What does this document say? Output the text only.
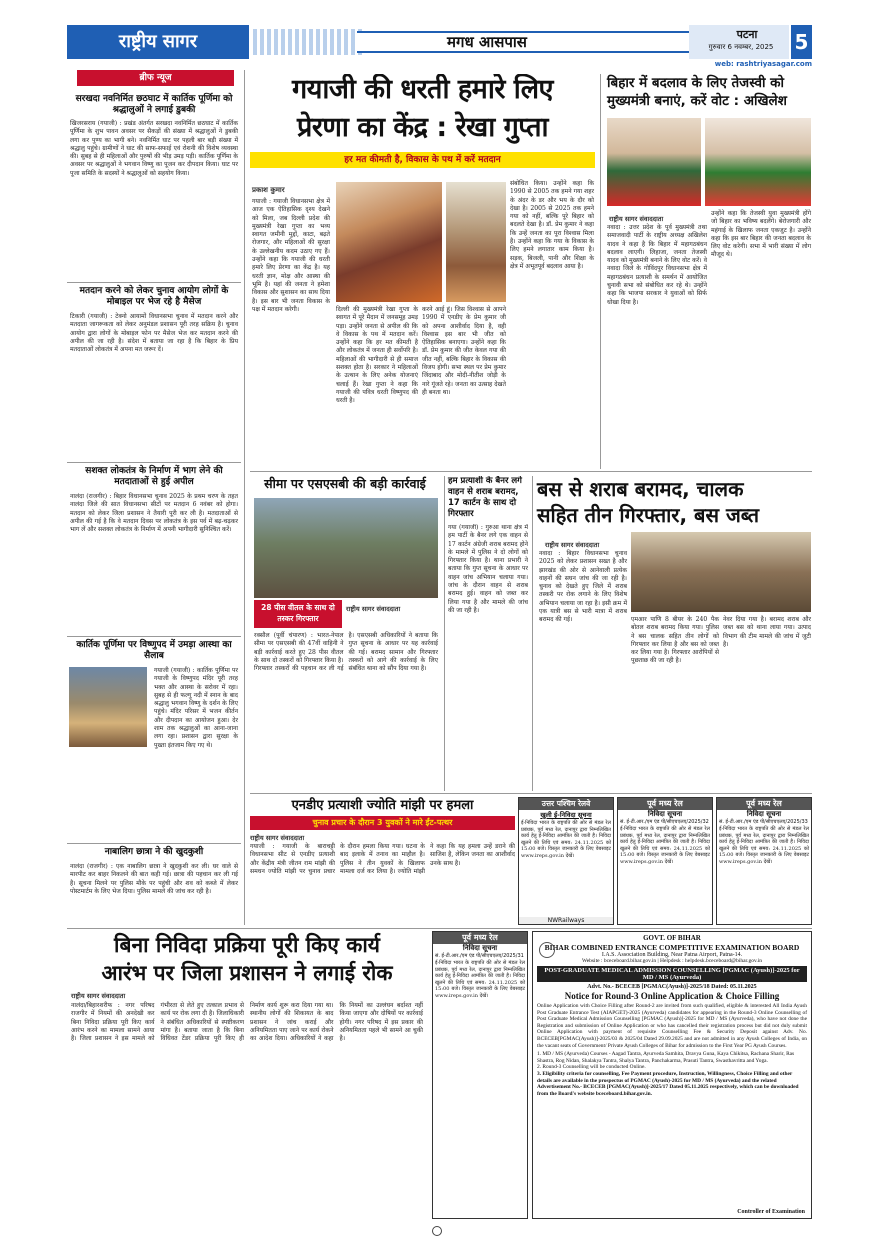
राष्ट्रीय सागर	मगध आसपास	पटना
गुरुवार 6 नवम्बर, 2025	5
web: rashtriyasagar.com
ब्रीफ न्यूज
सरखदा नवनिर्मित छठघाट में कार्तिक पूर्णिमा को श्रद्धालुओं ने लगाई डुबकी
खिजरसराय (गयाजी) : प्रखंड अंतर्गत सरखदा नवनिर्मित छठघाट में कार्तिक पूर्णिमा के शुभ पावन अवसर पर सैकड़ों की संख्या में श्रद्धालुओं ने डुबकी लगा कर पुण्य का भागी बने। नवनिर्मित घाट पर पहली बार बड़ी संख्या में श्रद्धालु पहुंचे। ग्रामीणों ने घाट की साफ-सफाई एवं रोशनी की विशेष व्यवस्था की। सुबह से ही महिलाओं और पुरुषों की भीड़ उमड़ पड़ी। कार्तिक पूर्णिमा के अवसर पर श्रद्धालुओं ने भगवान विष्णु का पूजन कर दीपदान किया। घाट पर पूजा समिति के सदस्यों ने श्रद्धालुओं को सहयोग किया।
मतदान करने को लेकर चुनाव आयोग लोगों के मोबाइल पर भेज रहे है मैसेज
टिकारी (गयाजी) : टेक्नो आयामों विधानसभा चुनाव में मतदान करने और मतदाता जागरूकता को लेकर अनुमंडल प्रशासन पूरी तरह सक्रिय है। चुनाव आयोग द्वारा लोगों के मोबाइल फोन पर मैसेज भेज कर मतदान करने की अपील की जा रही है। संदेश में बताया जा रहा है कि बिहार के प्रिय मतदाताओं लोकतंत्र में अपना मत जरूर दें।
सशक्त लोकतंत्र के निर्माण में भाग लेने की मतदाताओं से हुई अपील
नालंदा (राजगीर) : बिहार विधानसभा चुनाव 2025 के प्रथम चरण के तहत नालंदा जिले की सात विधानसभा सीटों पर मतदान 6 नवंबर को होगा। मतदान को लेकर जिला प्रशासन ने तैयारी पूरी कर ली है। मतदाताओं से अपील की गई है कि वे मतदान दिवस पर लोकतंत्र के इस पर्व में बढ़-चढ़कर भाग लें और सशक्त लोकतंत्र के निर्माण में अपनी भागीदारी सुनिश्चित करें।
कार्तिक पूर्णिमा पर विष्णुपद में उमड़ा आस्था का सैलाब
गयाजी (गयाजी) : कार्तिक पूर्णिमा पर गयाजी के विष्णुपद मंदिर पूरी तरह भक्त और आस्था के सरोवर में रहा। सुबह से ही फल्गु नदी में स्नान के बाद श्रद्धालु भगवान विष्णु के दर्शन के लिए पहुंचे। मंदिर परिसर में भजन कीर्तन और दीपदान का आयोजन हुआ। देर शाम तक श्रद्धालुओं का आना-जाना लगा रहा। प्रशासन द्वारा सुरक्षा के पुख्ता इंतजाम किए गए थे।
नाबालिग छात्रा ने की खुदकुशी
नालंदा (राजगीर) : एक नाबालिग छात्रा ने खुदकुशी कर ली। घर वाले से मारपीट कर बाहर निकलने की बात कही गई। छात्रा की पहचान कर ली गई है। सूचना मिलने पर पुलिस मौके पर पहुंची और शव को कब्जे में लेकर पोस्टमार्टम के लिए भेज दिया। पुलिस मामले की जांच कर रही है।
गयाजी की धरती हमारे लिए
प्रेरणा का केंद्र : रेखा गुप्ता
हर मत कीमती है, विकास के पथ में करें मतदान
प्रकाश कुमार
गयाजी : गयाजी विधानसभा क्षेत्र में आज एक ऐतिहासिक दृश्य देखने को मिला, जब दिल्ली प्रदेश की मुख्यमंत्री रेखा गुप्ता का भव्य स्वागत जमीनी मुद्दों, काटा, बढ़ते रोजगार, और महिलाओं की सुरक्षा के उल्लेखनीय कदम उठाए गए हैं। उन्होंने कहा कि गयाजी की धरती हमारे लिए प्रेरणा का केंद्र है। यह धरती ज्ञान, मोक्ष और आस्था की भूमि है। यहां की जनता ने हमेशा विकास और सुशासन का साथ दिया है। इस बार भी जनता विकास के पक्ष में मतदान करेगी।	दिल्ली की मुख्यमंत्री रेखा गुप्ता के स्वागत में पूरे मैदान में जनसमूह उमड़ पड़ा। उन्होंने जनता से अपील की कि वे विकास के पथ में मतदान करें। उन्होंने कहा कि हर मत कीमती है और लोकतंत्र में जनता ही सर्वोपरि है। महिलाओं की भागीदारी से ही समाज सशक्त होता है। सरकार ने महिलाओं के उत्थान के लिए अनेक योजनाएं चलाई हैं। रेखा गुप्ता ने कहा कि गयाजी की पवित्र धरती विष्णुपद की धरती है।
करने आई हूं। जिस विश्वास से आपने 1990 में एनडीए के प्रेम कुमार जी को अपना आशीर्वाद दिया है, वही विश्वास इस बार भी जीत को ऐतिहासिक बनाएगा। उन्होंने कहा कि डॉ. प्रेम कुमार की जीत केवल गया की जीत नहीं, बल्कि बिहार के विकास की विजय होगी। सभा स्थल पर प्रेम कुमार जिंदाबाद और मोदी-नीतीश जोड़ी के नारे गूंजते रहे। जनता का उत्साह देखते ही बनता था।
संबोधित किया। उन्होंने कहा कि 1990 से 2005 तक हमने गया शहर के अंदर के डर और भय के दौर को देखा है। 2005 से 2025 तक हमने गया को नहीं, बल्कि पूरे बिहार को बदलते देखा है। डॉ. प्रेम कुमार ने कहा कि उन्हें जनता का पूरा विश्वास मिला है। उन्होंने कहा कि गया के विकास के लिए हमने लगातार काम किया है। सड़क, बिजली, पानी और शिक्षा के क्षेत्र में अभूतपूर्व बदलाव आया है।
बिहार में बदलाव के लिए तेजस्वी को मुख्यमंत्री बनाएं, करें वोट : अखिलेश
राष्ट्रीय सागर संवाददाता
नवादा : उत्तर प्रदेश के पूर्व मुख्यमंत्री तथा समाजवादी पार्टी के राष्ट्रीय अध्यक्ष अखिलेश यादव ने कहा है कि बिहार में महागठबंधन बदलाव लाएगी। लिहाजा, जनता तेजस्वी यादव को मुख्यमंत्री बनाने के लिए वोट करें। वे नवादा जिले के गोविंदपुर विधानसभा क्षेत्र में महागठबंधन प्रत्याशी के समर्थन में आयोजित चुनावी सभा को संबोधित कर रहे थे। उन्होंने कहा कि भाजपा सरकार ने युवाओं को सिर्फ धोखा दिया है।
उन्होंने कहा कि तेजस्वी युवा मुख्यमंत्री होंगे जो बिहार का भविष्य बदलेंगे। बेरोजगारी और महंगाई के खिलाफ जनता एकजुट है। उन्होंने कहा कि इस बार बिहार की जनता बदलाव के लिए वोट करेगी। सभा में भारी संख्या में लोग मौजूद थे।
सीमा पर एसएसबी की बड़ी कार्रवाई
28 पीस वीतल के साथ दो तस्कर गिरफ्तार
राष्ट्रीय सागर संवाददाता
रक्सौल (पूर्वी चंपारण) : भारत-नेपाल सीमा पर एसएसबी की 47वीं वाहिनी ने बड़ी कार्रवाई करते हुए 28 पीस वीतल के साथ दो तस्करों को गिरफ्तार किया है। गिरफ्तार तस्करों की पहचान कर ली गई है। एसएसबी अधिकारियों ने बताया कि गुप्त सूचना के आधार पर यह कार्रवाई की गई। बरामद सामान और गिरफ्तार तस्करों को आगे की कार्रवाई के लिए संबंधित थाना को सौंप दिया गया है।
हम प्रत्याशी के बैनर लगे वाहन से शराब बरामद, 17 कार्टन के साथ दो गिरफ्तार
गया (गयाजी) : गुरुआ थाना क्षेत्र में हम पार्टी के बैनर लगे एक वाहन से 17 कार्टन अंग्रेजी शराब बरामद होने के मामले में पुलिस ने दो लोगों को गिरफ्तार किया है। थाना प्रभारी ने बताया कि गुप्त सूचना के आधार पर वाहन जांच अभियान चलाया गया। जांच के दौरान वाहन से शराब बरामद हुई। वाहन को जब्त कर लिया गया है और मामले की जांच की जा रही है।
बस से शराब बरामद, चालक
सहित तीन गिरफ्तार, बस जब्त
राष्ट्रीय सागर संवाददाता
नवादा : बिहार विधानसभा चुनाव 2025 को लेकर प्रशासन सख्त है और झारखंड की ओर से आनेवाली प्रत्येक वाहनों की सघन जांच की जा रही है। चुनाव को देखते हुए जिले में शराब तस्करी पर रोक लगाने के लिए विशेष अभियान चलाया जा रहा है। इसी क्रम में एक यात्री बस से भारी मात्रा में शराब बरामद की गई।	एमआर पाणि 8 बीयर के 240 पैक बोतल शराब बरामद किया गया। पुलिस ने बस चालक सहित तीन लोगों को गिरफ्तार कर लिया है और बस को जब्त कर लिया गया है। गिरफ्तार आरोपियों से पूछताछ की जा रही है।
नेवर दिया गया है। बरामद शराब और जब्त बस को थाना लाया गया। उत्पाद विभाग की टीम मामले की जांच में जुटी है।
एनडीए प्रत्याशी ज्योति मांझी पर हमला
चुनाव प्रचार के दौरान 3 युवकों ने मारे ईंट-पत्थर
राष्ट्रीय सागर संवाददाता
गयाजी : गयाजी के बाराचट्टी विधानसभा सीट से एनडीए प्रत्याशी और केंद्रीय मंत्री जीतन राम मांझी की समधन ज्योति मांझी पर चुनाव प्रचार के दौरान हमला किया गया। घटना के बाद इलाके में तनाव का माहौल है। पुलिस ने तीन युवकों के खिलाफ मामला दर्ज कर लिया है। ज्योति मांझी ने कहा कि यह हमला उन्हें डराने की साजिश है, लेकिन जनता का आशीर्वाद उनके साथ है।
उत्तर पश्चिम रेलवे
खुली ई-निविदा सूचना
ई-निविदा भारत के राष्ट्रपति की ओर से मंडल रेल प्रबंधक, पूर्व मध्य रेल, दानापुर द्वारा निम्नलिखित कार्य हेतु ई-निविदा आमंत्रित की जाती है। निविदा खुलने की तिथि एवं समय: 24.11.2025 को 15:00 बजे। विस्तृत जानकारी के लिए वेबसाइट www.ireps.gov.in देखें।
NWRailways
पूर्व मध्य रेल
निविदा सूचना
सं. ई-टी.आर./एम एंड पी/सीएचएलए/2025/32
ई-निविदा भारत के राष्ट्रपति की ओर से मंडल रेल प्रबंधक, पूर्व मध्य रेल, दानापुर द्वारा निम्नलिखित कार्य हेतु ई-निविदा आमंत्रित की जाती है। निविदा खुलने की तिथि एवं समय: 24.11.2025 को 15:00 बजे। विस्तृत जानकारी के लिए वेबसाइट www.ireps.gov.in देखें।
पूर्व मध्य रेल
निविदा सूचना
सं. ई-टी.आर./एम एंड पी/सीएचएलए/2025/33
ई-निविदा भारत के राष्ट्रपति की ओर से मंडल रेल प्रबंधक, पूर्व मध्य रेल, दानापुर द्वारा निम्नलिखित कार्य हेतु ई-निविदा आमंत्रित की जाती है। निविदा खुलने की तिथि एवं समय: 24.11.2025 को 15:00 बजे। विस्तृत जानकारी के लिए वेबसाइट www.ireps.gov.in देखें।
बिना निविदा प्रक्रिया पूरी किए कार्य
आरंभ पर जिला प्रशासन ने लगाई रोक
राष्ट्रीय सागर संवाददाता
नालंदा/बिहारशरीफ : नगर परिषद राजगीर में नियमों की अनदेखी कर बिना निविदा प्रक्रिया पूरी किए कार्य आरंभ करने का मामला सामने आया है। जिला प्रशासन ने इस मामले को गंभीरता से लेते हुए तत्काल प्रभाव से कार्य पर रोक लगा दी है। जिलाधिकारी ने संबंधित अधिकारियों से स्पष्टीकरण मांगा है। बताया जाता है कि बिना विधिवत टेंडर प्रक्रिया पूरी किए ही निर्माण कार्य शुरू करा दिया गया था। स्थानीय लोगों की शिकायत के बाद प्रशासन ने जांच कराई और अनियमितता पाए जाने पर कार्य रोकने का आदेश दिया। अधिकारियों ने कहा कि नियमों का उल्लंघन बर्दाश्त नहीं किया जाएगा और दोषियों पर कार्रवाई होगी। नगर परिषद में इस प्रकार की अनियमितता पहले भी सामने आ चुकी है।
पूर्व मध्य रेल
निविदा सूचना
सं. ई-टी.आर./एम एंड पी/सीएचएलए/2025/31
ई-निविदा भारत के राष्ट्रपति की ओर से मंडल रेल प्रबंधक, पूर्व मध्य रेल, दानापुर द्वारा निम्नलिखित कार्य हेतु ई-निविदा आमंत्रित की जाती है। निविदा खुलने की तिथि एवं समय: 24.11.2025 को 15:00 बजे। विस्तृत जानकारी के लिए वेबसाइट www.ireps.gov.in देखें।
GOVT. OF BIHAR
BIHAR COMBINED ENTRANCE COMPETITIVE EXAMINATION BOARD
I.A.S. Association Building, Near Patna Airport, Patna-14.
Website : bceceboard.bihar.gov.in | Helpdesk : helpdesk.bceceboard@bihar.gov.in
POST-GRADUATE MEDICAL ADMISSION COUNSELLING [PGMAC (Ayush)]-2025 for MD / MS (Ayurveda)
Advt. No.- BCECEB [PGMAC(Ayush)]-2025/18 Dated: 05.11.2025
Notice for Round-3 Online Application & Choice Filling
Online Application with Choice Filling after Round-2 are invited from such qualified, eligible & interested All India Ayush Post Graduate Entrance Test (AIAPGET)-2025 (Ayurveda) candidates for appearing in the Round-3 Online Counselling of Post Graduate Medical Admission Counselling [PGMAC (Ayush)]-2025 for MD / MS (Ayurveda), who have not done the Registration and submission of Online Application or who has cancelled their registration process but did not duly submit Online Application with payment of requisite Counselling Fee & Security Deposit against Adv. No. BCECEB[PGMAC(Ayush)]-2025/03 & 2025/04 Dated 29.09.2025 and are not admitted in any Ayush Colleges of India, on the vacant seats of Government/ Private Ayush Colleges of Bihar for admission to the First Year PG Ayush Courses.
1. MD / MS (Ayurveda) Courses - Aagad Tantra, Ayurveda Samhita, Dravya Guna, Kaya Chikitsa, Rachana Sharir, Ras Shastra, Rog Nidan, Shalakya Tantra, Shalya Tantra, Panchakarma, Prasuti Tantra, Swasthavritta and Yoga.
2. Round-3 Counselling will be conducted Online.
3. Eligibility criteria for counselling, Fee Payment procedure, Instruction, Willingness, Choice Filling and other details are available in the prospectus of PGMAC (Ayush)-2025 for MD / MS (Ayurveda) and the related Advertisement No.- BCECEB [PGMAC(Ayush)]-2025/17 Dated 05.11.2025 respectively, which can be downloaded from the Board's website bceceboard.bihar.gov.in.
Controller of Examination
